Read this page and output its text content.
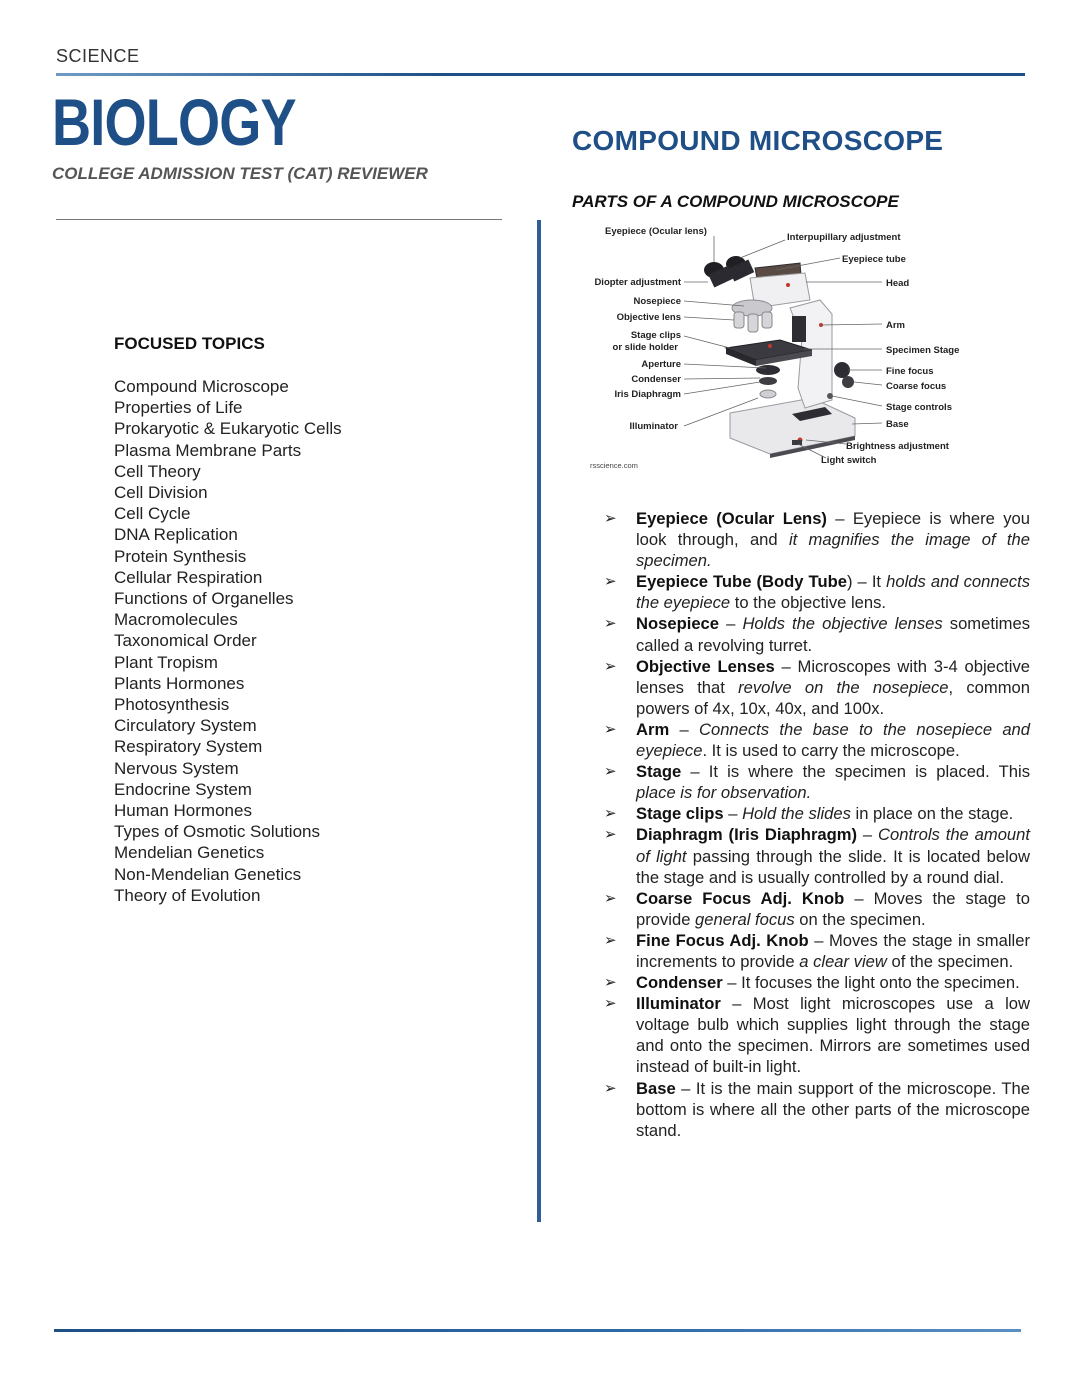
SCIENCE
BIOLOGY
COLLEGE ADMISSION TEST (CAT) REVIEWER
FOCUSED TOPICS
Compound Microscope
Properties of Life
Prokaryotic & Eukaryotic Cells
Plasma Membrane Parts
Cell Theory
Cell Division
Cell Cycle
DNA Replication
Protein Synthesis
Cellular Respiration
Functions of Organelles
Macromolecules
Taxonomical Order
Plant Tropism
Plants Hormones
Photosynthesis
Circulatory System
Respiratory System
Nervous System
Endocrine System
Human Hormones
Types of Osmotic Solutions
Mendelian Genetics
Non-Mendelian Genetics
Theory of Evolution
COMPOUND MICROSCOPE
PARTS OF A COMPOUND MICROSCOPE
Eyepiece (Ocular lens)
Diopter adjustment
Nosepiece
Objective lens
Stage clips
or slide holder
Aperture
Condenser
Iris Diaphragm
Illuminator
Interpupillary adjustment
Eyepiece tube
Head
Arm
Specimen Stage
Fine focus
Coarse focus
Stage controls
Base
Brightness adjustment
Light switch
rsscience.com
➢ Eyepiece (Ocular Lens) – Eyepiece is where you look through, and it magnifies the image of the specimen.
➢ Eyepiece Tube (Body Tube) – It holds and connects the eyepiece to the objective lens.
➢ Nosepiece – Holds the objective lenses sometimes called a revolving turret.
➢ Objective Lenses – Microscopes with 3-4 objective lenses that revolve on the nosepiece, common powers of 4x, 10x, 40x, and 100x.
➢ Arm – Connects the base to the nosepiece and eyepiece. It is used to carry the microscope.
➢ Stage – It is where the specimen is placed. This place is for observation.
➢ Stage clips – Hold the slides in place on the stage.
➢ Diaphragm (Iris Diaphragm) – Controls the amount of light passing through the slide. It is located below the stage and is usually controlled by a round dial.
➢ Coarse Focus Adj. Knob – Moves the stage to provide general focus on the specimen.
➢ Fine Focus Adj. Knob – Moves the stage in smaller increments to provide a clear view of the specimen.
➢ Condenser – It focuses the light onto the specimen.
➢ Illuminator – Most light microscopes use a low voltage bulb which supplies light through the stage and onto the specimen. Mirrors are sometimes used instead of built-in light.
➢ Base – It is the main support of the microscope. The bottom is where all the other parts of the microscope stand.
